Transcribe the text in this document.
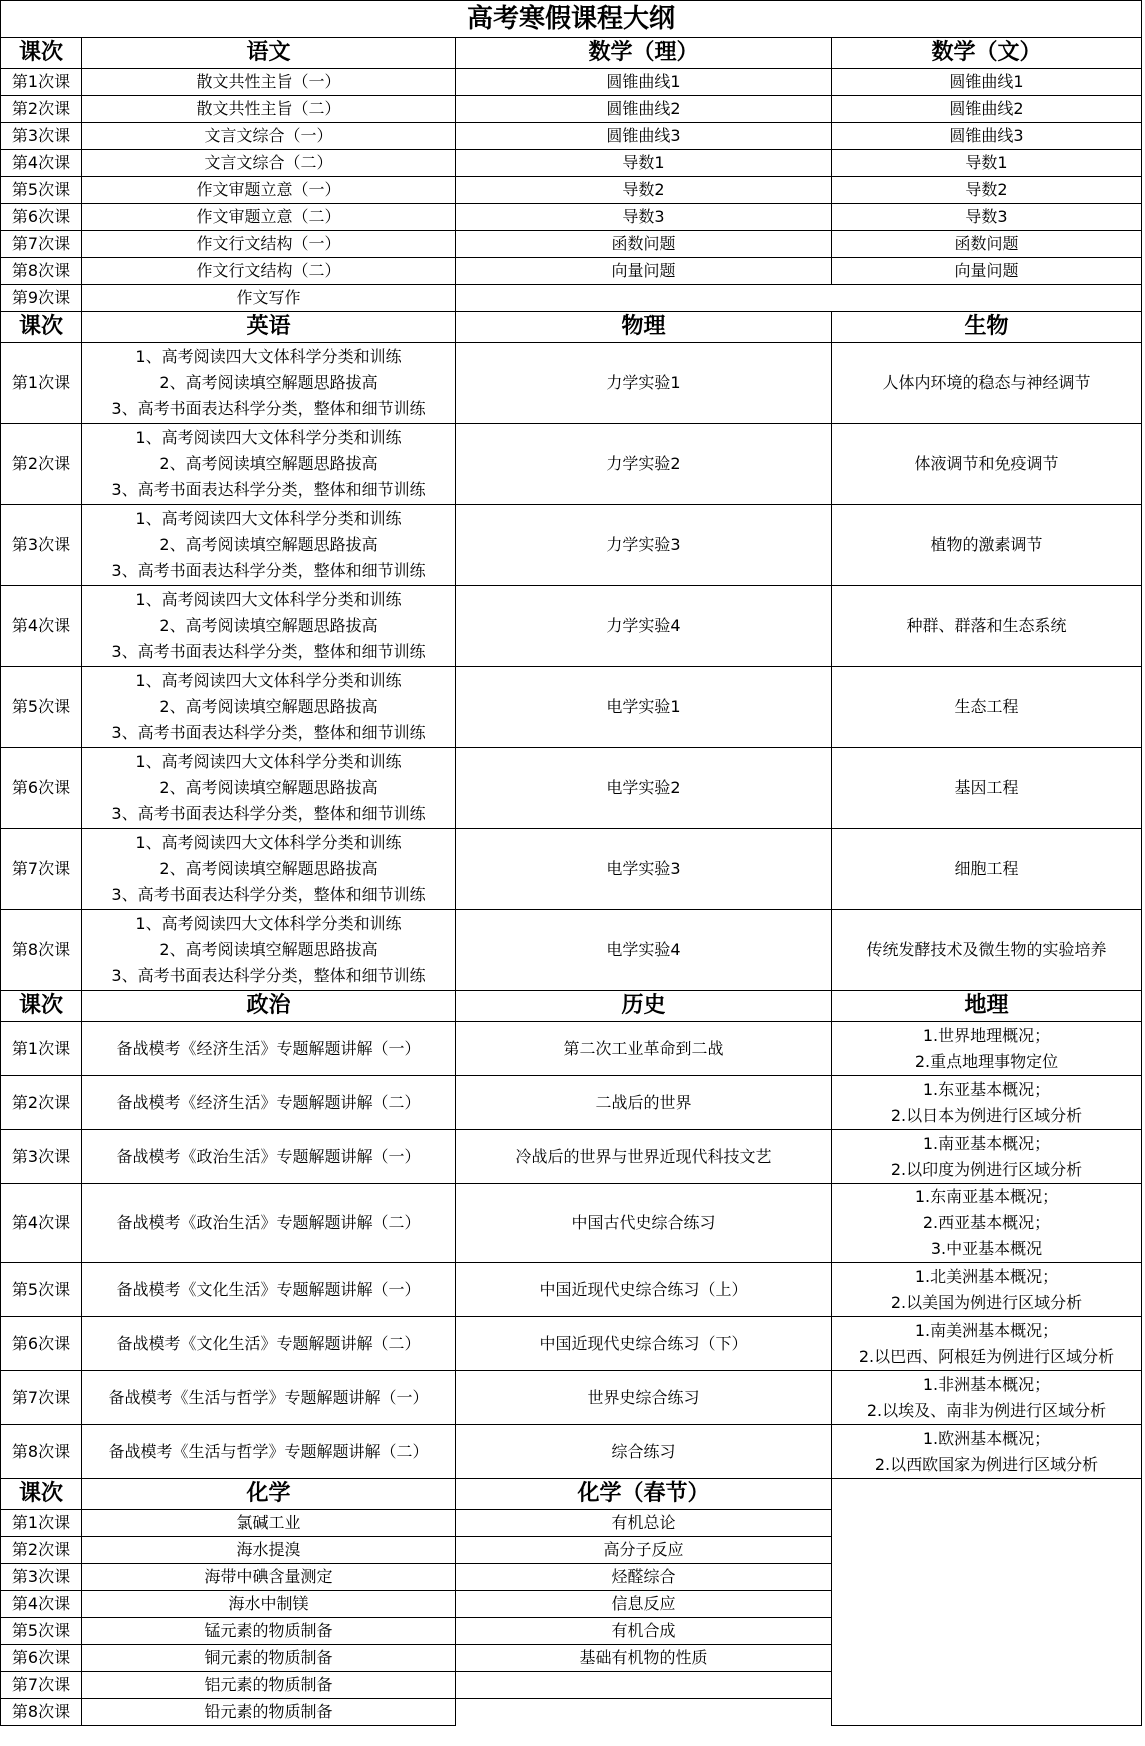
高考寒假课程大纲			
课次	语文	数学（理）	数学（文）
第1次课	散文共性主旨（一）	圆锥曲线1	圆锥曲线1
第2次课	散文共性主旨（二）	圆锥曲线2	圆锥曲线2
第3次课	文言文综合（一）	圆锥曲线3	圆锥曲线3
第4次课	文言文综合（二）	导数1	导数1
第5次课	作文审题立意（一）	导数2	导数2
第6次课	作文审题立意（二）	导数3	导数3
第7次课	作文行文结构（一）	函数问题	函数问题
第8次课	作文行文结构（二）	向量问题	向量问题
第9次课	作文写作		
课次	英语	物理	生物
第1次课	1、高考阅读四大文体科学分类和训练
2、高考阅读填空解题思路拔高
3、高考书面表达科学分类，整体和细节训练	力学实验1	人体内环境的稳态与神经调节
第2次课	1、高考阅读四大文体科学分类和训练
2、高考阅读填空解题思路拔高
3、高考书面表达科学分类，整体和细节训练	力学实验2	体液调节和免疫调节
第3次课	1、高考阅读四大文体科学分类和训练
2、高考阅读填空解题思路拔高
3、高考书面表达科学分类，整体和细节训练	力学实验3	植物的激素调节
第4次课	1、高考阅读四大文体科学分类和训练
2、高考阅读填空解题思路拔高
3、高考书面表达科学分类，整体和细节训练	力学实验4	种群、群落和生态系统
第5次课	1、高考阅读四大文体科学分类和训练
2、高考阅读填空解题思路拔高
3、高考书面表达科学分类，整体和细节训练	电学实验1	生态工程
第6次课	1、高考阅读四大文体科学分类和训练
2、高考阅读填空解题思路拔高
3、高考书面表达科学分类，整体和细节训练	电学实验2	基因工程
第7次课	1、高考阅读四大文体科学分类和训练
2、高考阅读填空解题思路拔高
3、高考书面表达科学分类，整体和细节训练	电学实验3	细胞工程
第8次课	1、高考阅读四大文体科学分类和训练
2、高考阅读填空解题思路拔高
3、高考书面表达科学分类，整体和细节训练	电学实验4	传统发酵技术及微生物的实验培养
课次	政治	历史	地理
第1次课	备战模考《经济生活》专题解题讲解（一）	第二次工业革命到二战	1.世界地理概况；
2.重点地理事物定位

第2次课	备战模考《经济生活》专题解题讲解（二）	二战后的世界	1.东亚基本概况；
2.以日本为例进行区域分析

第3次课	备战模考《政治生活》专题解题讲解（一）	冷战后的世界与世界近现代科技文艺	1.南亚基本概况；
2.以印度为例进行区域分析

第4次课	备战模考《政治生活》专题解题讲解（二）	中国古代史综合练习	1.东南亚基本概况；
2.西亚基本概况；
3.中亚基本概况

第5次课	备战模考《文化生活》专题解题讲解（一）	中国近现代史综合练习（上）	1.北美洲基本概况；
2.以美国为例进行区域分析

第6次课	备战模考《文化生活》专题解题讲解（二）	中国近现代史综合练习（下）	1.南美洲基本概况；
2.以巴西、阿根廷为例进行区域分析

第7次课	备战模考《生活与哲学》专题解题讲解（一）	世界史综合练习	1.非洲基本概况；
2.以埃及、南非为例进行区域分析

第8次课	备战模考《生活与哲学》专题解题讲解（二）	综合练习	1.欧洲基本概况；
2.以西欧国家为例进行区域分析

课次	化学	化学（春节）	
第1次课	氯碱工业	有机总论	
第2次课	海水提溴	高分子反应	
第3次课	海带中碘含量测定	烃醛综合	
第4次课	海水中制镁	信息反应	
第5次课	锰元素的物质制备	有机合成	
第6次课	铜元素的物质制备	基础有机物的性质	
第7次课	铝元素的物质制备		
第8次课	铅元素的物质制备		
